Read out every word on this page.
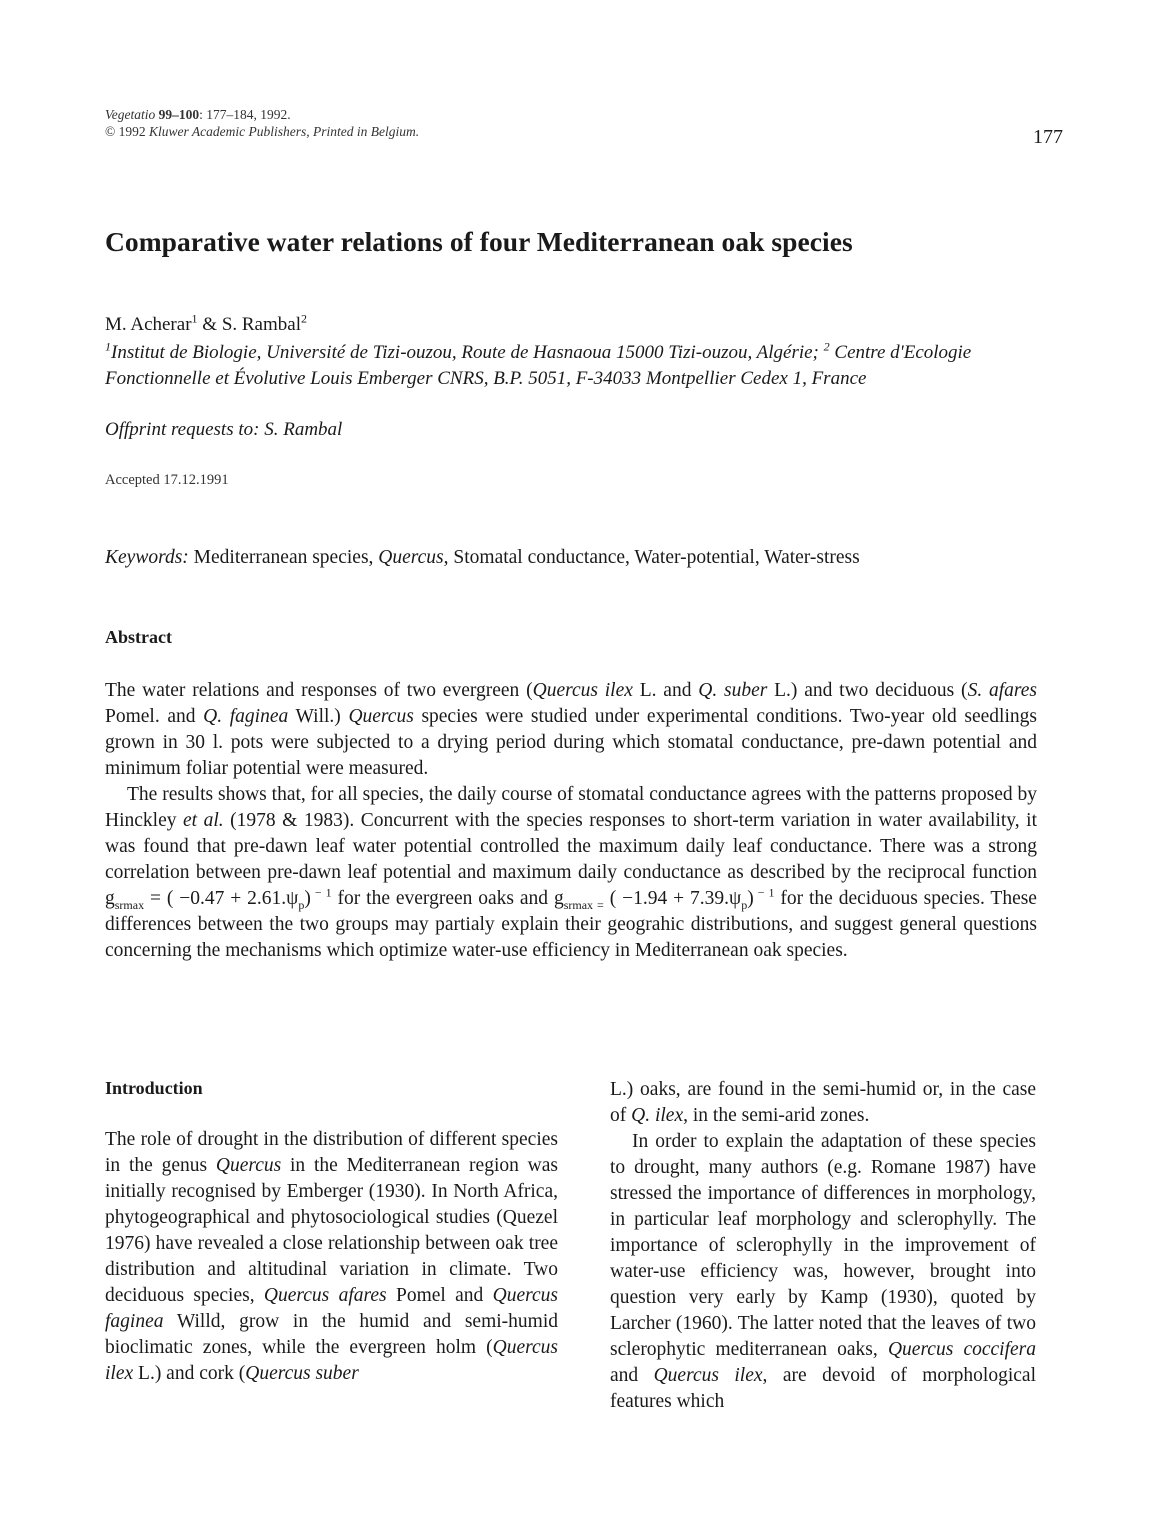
Vegetatio 99–100: 177–184, 1992.
© 1992 Kluwer Academic Publishers, Printed in Belgium.	177
Comparative water relations of four Mediterranean oak species
M. Acherar$^1$ & S. Rambal$^2$
$^1$Institut de Biologie, Université de Tizi-ouzou, Route de Hasnaoua 15000 Tizi-ouzou, Algérie; $^2$ Centre d'Ecologie Fonctionnelle et Évolutive Louis Emberger CNRS, B.P. 5051, F-34033 Montpellier Cedex 1, France
Offprint requests to: S. Rambal
Accepted 17.12.1991
Keywords: Mediterranean species, Quercus, Stomatal conductance, Water-potential, Water-stress
Abstract

The water relations and responses of two evergreen (Quercus ilex L. and Q. suber L.) and two deciduous (S. afares Pomel. and Q. faginea Will.) Quercus species were studied under experimental conditions. Two-year old seedlings grown in 30 l. pots were subjected to a drying period during which stomatal conductance, pre-dawn potential and minimum foliar potential were measured.

The results shows that, for all species, the daily course of stomatal conductance agrees with the patterns proposed by Hinckley et al. (1978 & 1983). Concurrent with the species responses to short-term variation in water availability, it was found that pre-dawn leaf water potential controlled the maximum daily leaf conductance. There was a strong correlation between pre-dawn leaf potential and maximum daily conductance as described by the reciprocal function $g_{srmax}$ = ( $-0.47 + 2.61.\psi_p$) $^{- 1}$ for the evergreen oaks and $g_{srmax =}$ ( $-1.94 + 7.39.\psi_p$) $^{- 1}$ for the deciduous species. These differences between the two groups may partialy explain their geograhic distributions, and suggest general questions concerning the mechanisms which optimize water-use efficiency in Mediterranean oak species.

Introduction

The role of drought in the distribution of different species in the genus Quercus in the Mediterranean region was initially recognised by Emberger (1930). In North Africa, phytogeographical and phytosociological studies (Quezel 1976) have revealed a close relationship between oak tree distribution and altitudinal variation in climate. Two deciduous species, Quercus afares Pomel and Quercus faginea Willd, grow in the humid and semi-humid bioclimatic zones, while the evergreen holm (Quercus ilex L.) and cork (Quercus suber

L.) oaks, are found in the semi-humid or, in the case of Q. ilex, in the semi-arid zones.

In order to explain the adaptation of these species to drought, many authors (e.g. Romane 1987) have stressed the importance of differences in morphology, in particular leaf morphology and sclerophylly. The importance of sclerophylly in the improvement of water-use efficiency was, however, brought into question very early by Kamp (1930), quoted by Larcher (1960). The latter noted that the leaves of two sclerophytic mediterranean oaks, Quercus coccifera and Quercus ilex, are devoid of morphological features which
